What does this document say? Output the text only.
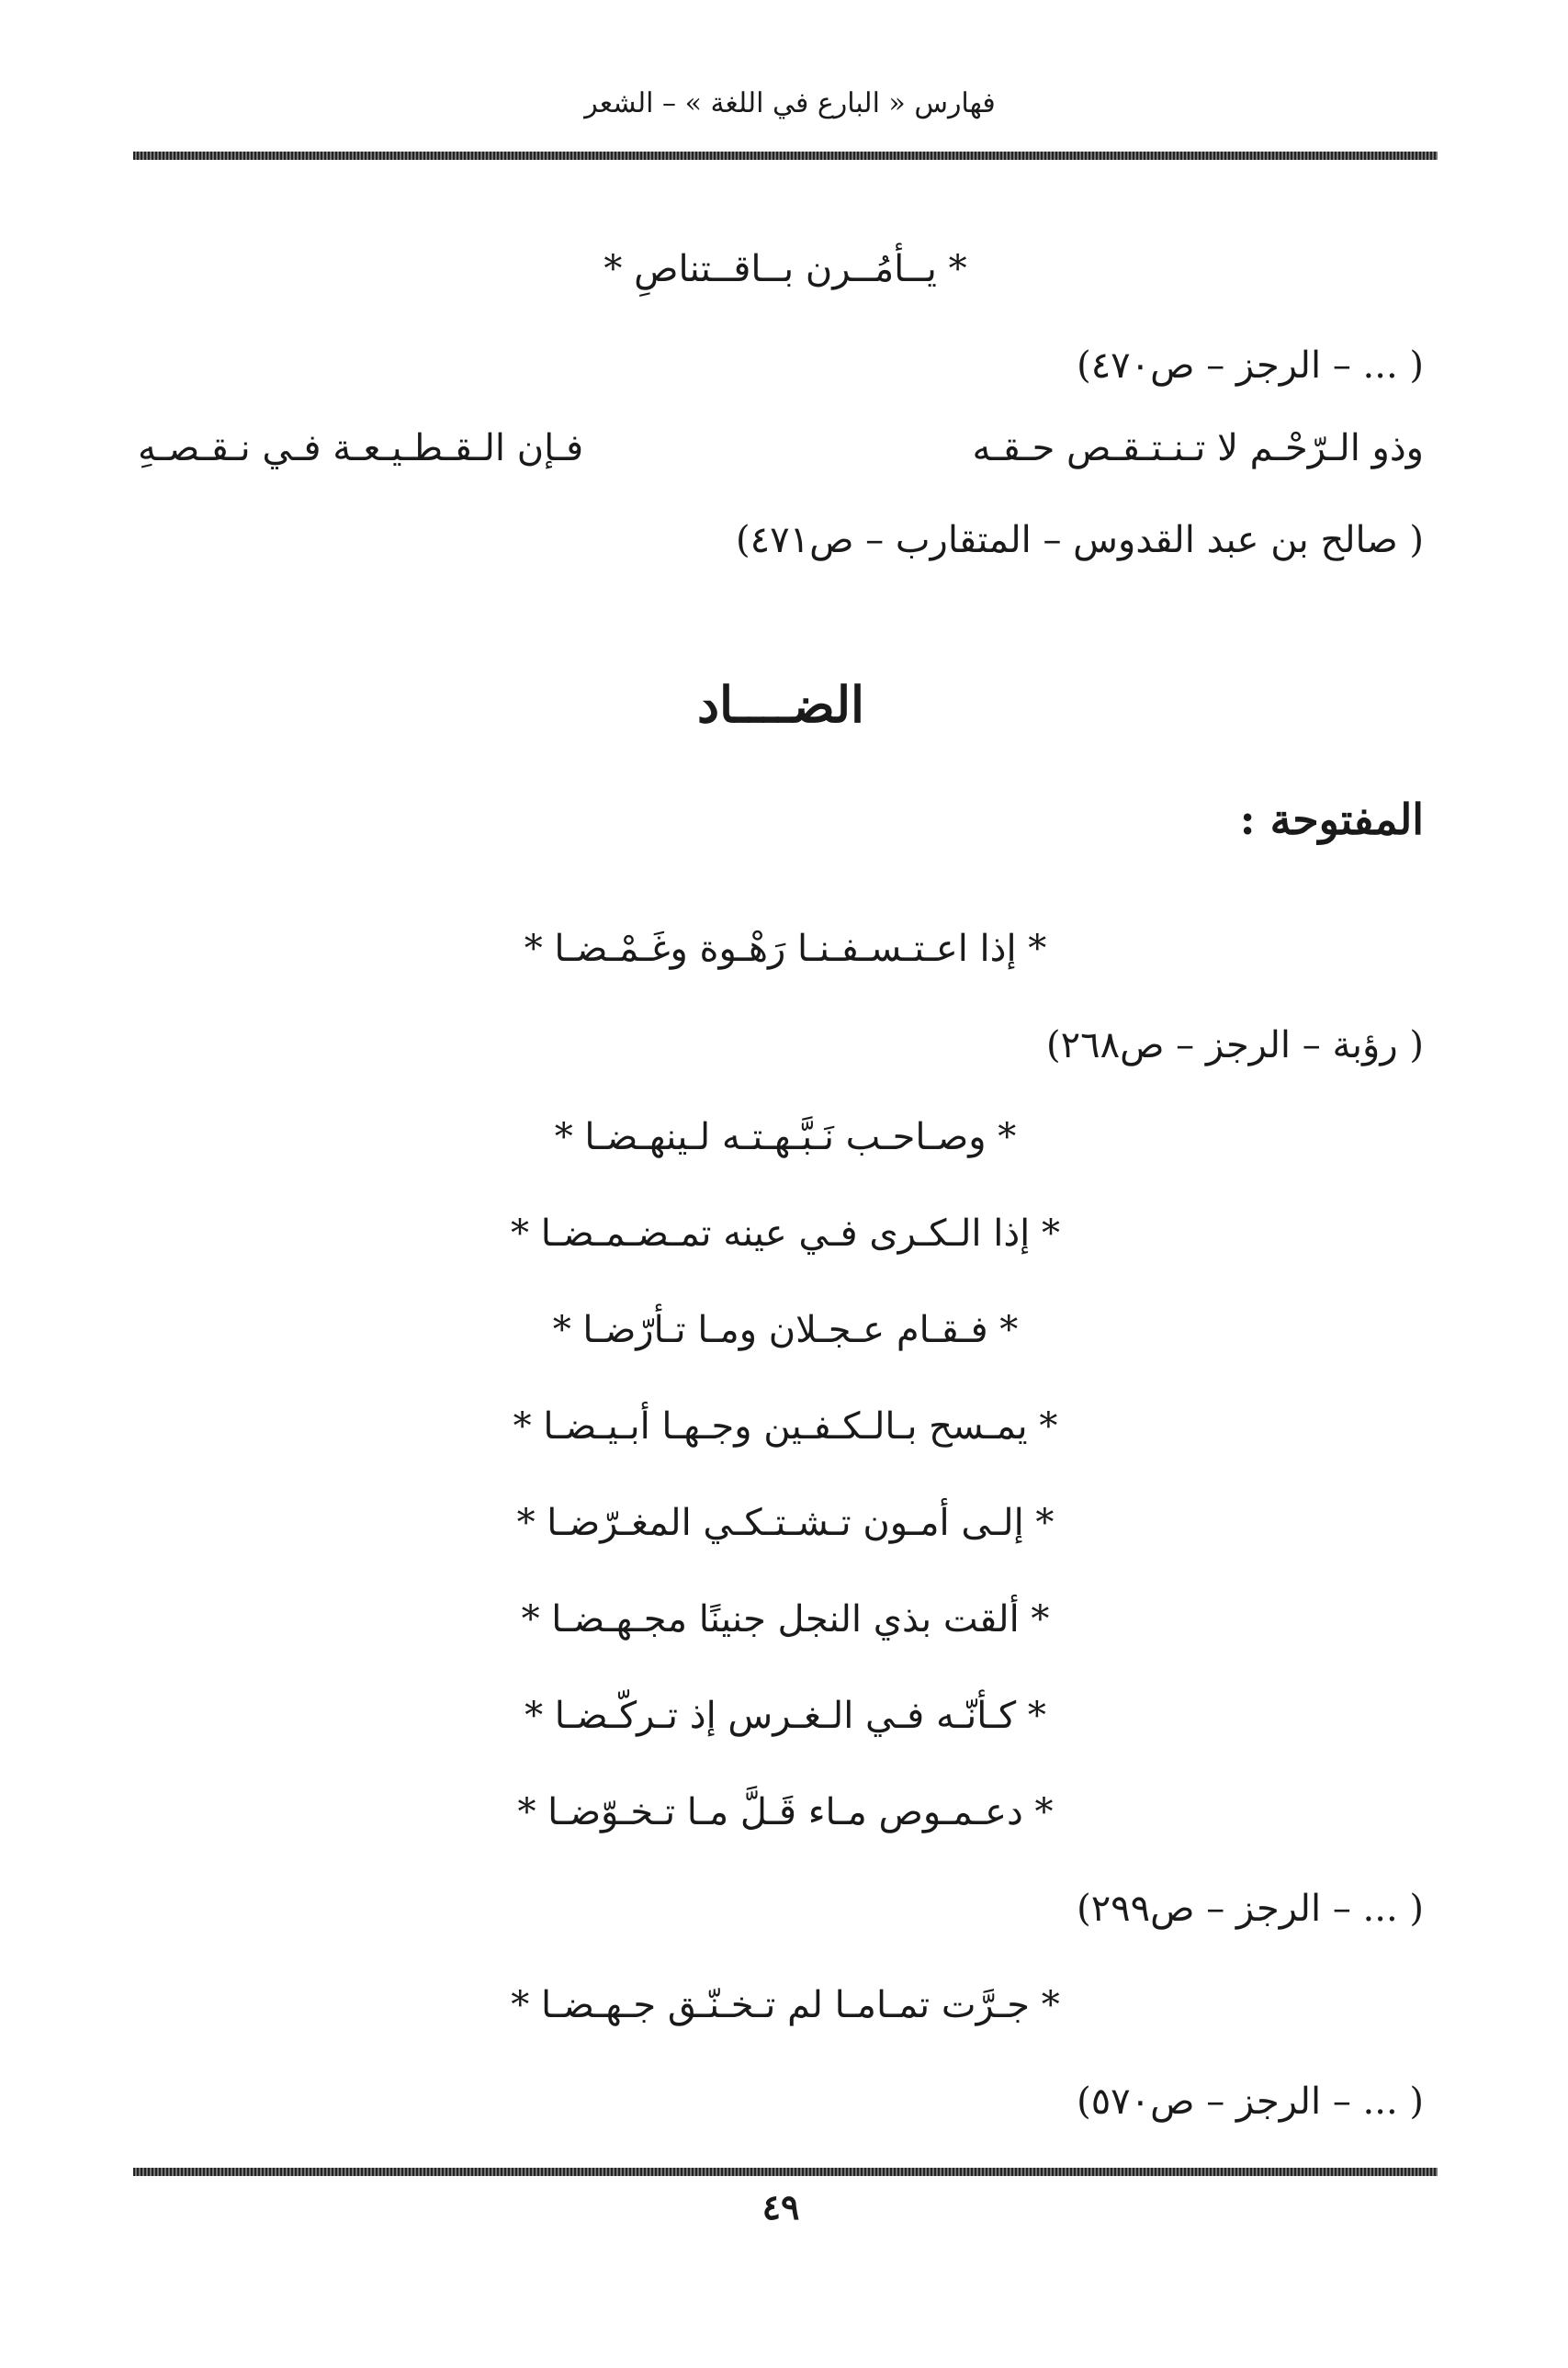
فهارس « البارع في اللغة » – الشعر
* يــأمُــرن بــاقــتناصِ *
( ... – الرجز – ص٤٧٠)
وذو الـرّحْـم لا تـنـتـقـص حـقـه
فـإن الـقـطـيـعـة فـي نـقـصـهِ
( صالح بن عبد القدوس – المتقارب – ص٤٧١)
الضــــاد
المفتوحة :
* إذا اعـتـسـفـنـا رَهْـوة وغَـمْـضـا *
( رؤبة – الرجز – ص٢٦٨)
* وصـاحـب نَـبَّـهـتـه لـينهـضـا *
* إذا الـكـرى فـي عينه تمـضـمـضـا *
* فـقـام عـجـلان ومـا تـأرّضـا *
* يمـسح بـالـكـفـين وجـهـا أبـيـضـا *
* إلـى أمـون تـشـتـكـي المغـرّضـا *
* ألقت بذي النجل جنينًا مجـهـضـا *
* كـأنّـه فـي الـغـرس إذ تـركّـضـا *
* دعـمـوص مـاء قَـلَّ مـا تـخـوّضـا *
( ... – الرجز – ص٢٩٩)
* جـرَّت تمـامـا لم تـخـنّـق جـهـضـا *
( ... – الرجز – ص٥٧٠)
٤٩
